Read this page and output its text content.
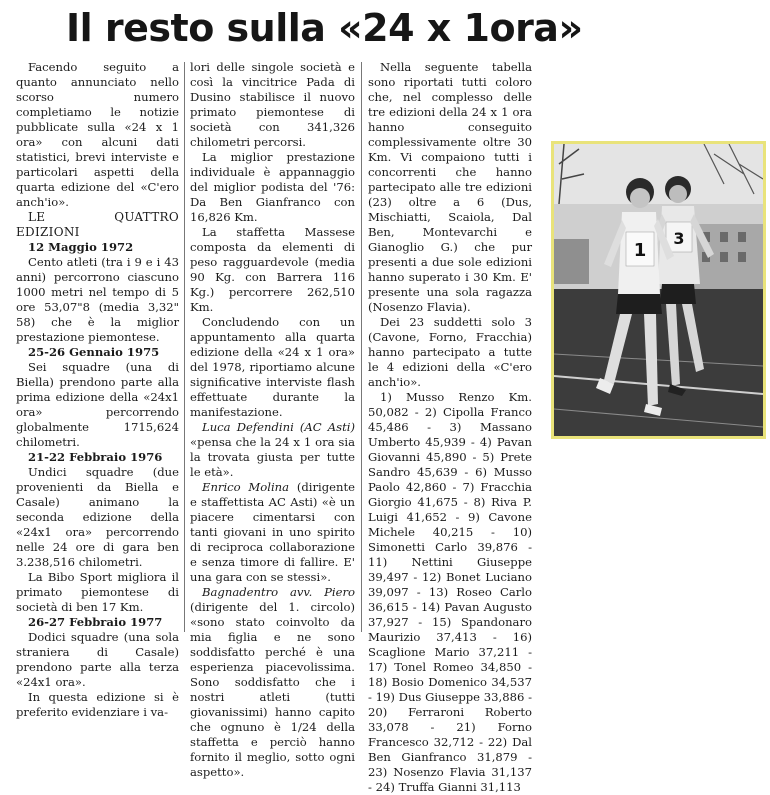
Il resto sulla «24 x 1ora»

Facendo seguito a quanto annunciato nello scorso numero completiamo le notizie pubblicate sulla «24 x 1 ora» con alcuni dati statistici, brevi interviste e particolari aspetti della quarta edizione del «C'ero anch'io».

LE QUATTRO EDIZIONI

12 Maggio 1972

Cento atleti (tra i 9 e i 43 anni) percorrono ciascuno 1000 metri nel tempo di 5 ore 53,07"8 (media 3,32" 58) che è la miglior prestazione piemontese.

25-26 Gennaio 1975

Sei squadre (una di Biella) prendono parte alla prima edizione della «24x1 ora» percorrendo globalmente 1715,624 chilometri.

21-22 Febbraio 1976

Undici squadre (due provenienti da Biella e Casale) animano la seconda edizione della «24x1 ora» percorrendo nelle 24 ore di gara ben 3.238,516 chilometri.

La Bibo Sport migliora il primato piemontese di società di ben 17 Km.

26-27 Febbraio 1977

Dodici squadre (una sola straniera di Casale) prendono parte alla terza «24x1 ora».

In questa edizione si è preferito evidenziare i va-

lori delle singole società e così la vincitrice Pada di Dusino stabilisce il nuovo primato piemontese di società con 341,326 chilometri percorsi.

La miglior prestazione individuale è appannaggio del miglior podista del '76: Da Ben Gianfranco con 16,826 Km.

La staffetta Massese composta da elementi di peso ragguardevole (media 90 Kg. con Barrera 116 Kg.) percorrere 262,510 Km.

Concludendo con un appuntamento alla quarta edizione della «24 x 1 ora» del 1978, riportiamo alcune significative interviste flash effettuate durante la manifestazione.

Luca Defendini (AC Asti) «pensa che la 24 x 1 ora sia la trovata giusta per tutte le età».

Enrico Molina (dirigente e staffettista AC Asti) «è un piacere cimentarsi con tanti giovani in uno spirito di reciproca collaborazione e senza timore di fallire. E' una gara con se stessi».

Bagnadentro avv. Piero (dirigente del 1. circolo) «sono stato coinvolto da mia figlia e ne sono soddisfatto perché è una esperienza piacevolissima. Sono soddisfatto che i nostri atleti (tutti giovanissimi) hanno capito che ognuno è 1/24 della staffetta e perciò hanno fornito il meglio, sotto ogni aspetto».

Nella seguente tabella sono riportati tutti coloro che, nel complesso delle tre edizioni della 24 x 1 ora hanno conseguito complessivamente oltre 30 Km. Vi compaiono tutti i concorrenti che hanno partecipato alle tre edizioni (23) oltre a 6 (Dus, Mischiatti, Scaiola, Dal Ben, Montevarchi e Gianoglio G.) che pur presenti a due sole edizioni hanno superato i 30 Km. E' presente una sola ragazza (Nosenzo Flavia).

Dei 23 suddetti solo 3 (Cavone, Forno, Fracchia) hanno partecipato a tutte le 4 edizioni della «C'ero anch'io».

1) Musso Renzo Km. 50,082 - 2) Cipolla Franco 45,486 - 3) Massano Umberto 45,939 - 4) Pavan Giovanni 45,890 - 5) Prete Sandro 45,639 - 6) Musso Paolo 42,860 - 7) Fracchia Giorgio 41,675 - 8) Riva P. Luigi 41,652 - 9) Cavone Michele 40,215 - 10) Simonetti Carlo 39,876 - 11) Nettini Giuseppe 39,497 - 12) Bonet Luciano 39,097 - 13) Roseo Carlo 36,615 - 14) Pavan Augusto 37,927 - 15) Spandonaro Maurizio 37,413 - 16) Scaglione Mario 37,211 - 17) Tonel Romeo 34,850 - 18) Bosio Domenico 34,537 - 19) Dus Giuseppe 33,886 - 20) Ferraroni Roberto 33,078 - 21) Forno Francesco 32,712 - 22) Dal Ben Gianfranco 31,879 - 23) Nosenzo Flavia 31,137 - 24) Truffa Gianni 31,113

1
3
